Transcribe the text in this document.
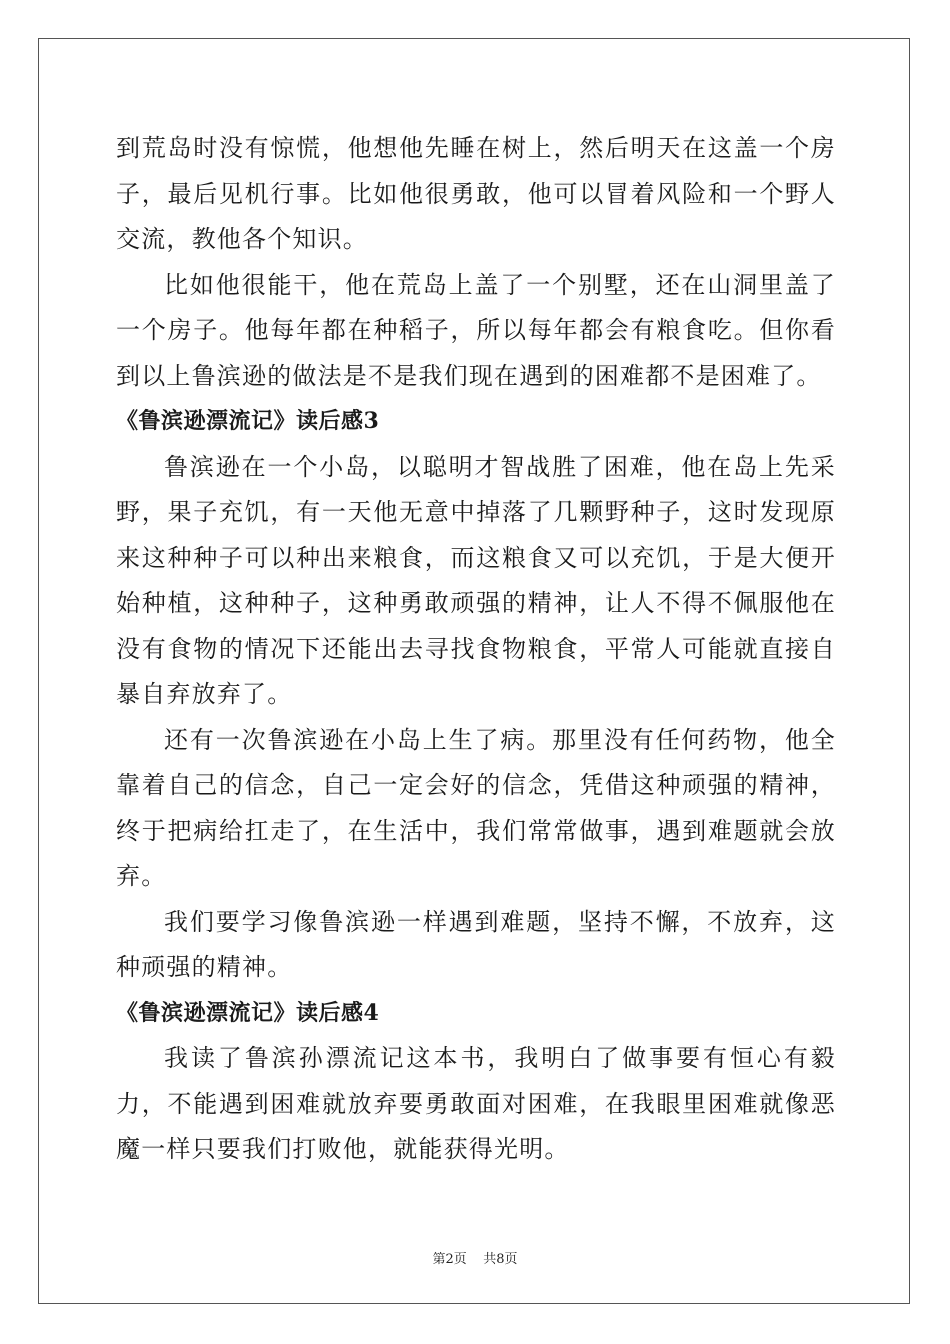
到荒岛时没有惊慌，他想他先睡在树上，然后明天在这盖一个房子，最后见机行事。比如他很勇敢，他可以冒着风险和一个野人交流，教他各个知识。

比如他很能干，他在荒岛上盖了一个别墅，还在山洞里盖了一个房子。他每年都在种稻子，所以每年都会有粮食吃。但你看到以上鲁滨逊的做法是不是我们现在遇到的困难都不是困难了。

《鲁滨逊漂流记》读后感3

鲁滨逊在一个小岛，以聪明才智战胜了困难，他在岛上先采野，果子充饥，有一天他无意中掉落了几颗野种子，这时发现原来这种种子可以种出来粮食，而这粮食又可以充饥，于是大便开始种植，这种种子，这种勇敢顽强的精神，让人不得不佩服他在没有食物的情况下还能出去寻找食物粮食，平常人可能就直接自暴自弃放弃了。

还有一次鲁滨逊在小岛上生了病。那里没有任何药物，他全靠着自己的信念，自己一定会好的信念，凭借这种顽强的精神，终于把病给扛走了，在生活中，我们常常做事，遇到难题就会放弃。

我们要学习像鲁滨逊一样遇到难题，坚持不懈，不放弃，这种顽强的精神。

《鲁滨逊漂流记》读后感4

我读了鲁滨孙漂流记这本书，我明白了做事要有恒心有毅力，不能遇到困难就放弃要勇敢面对困难，在我眼里困难就像恶魔一样只要我们打败他，就能获得光明。

第2页 共8页
